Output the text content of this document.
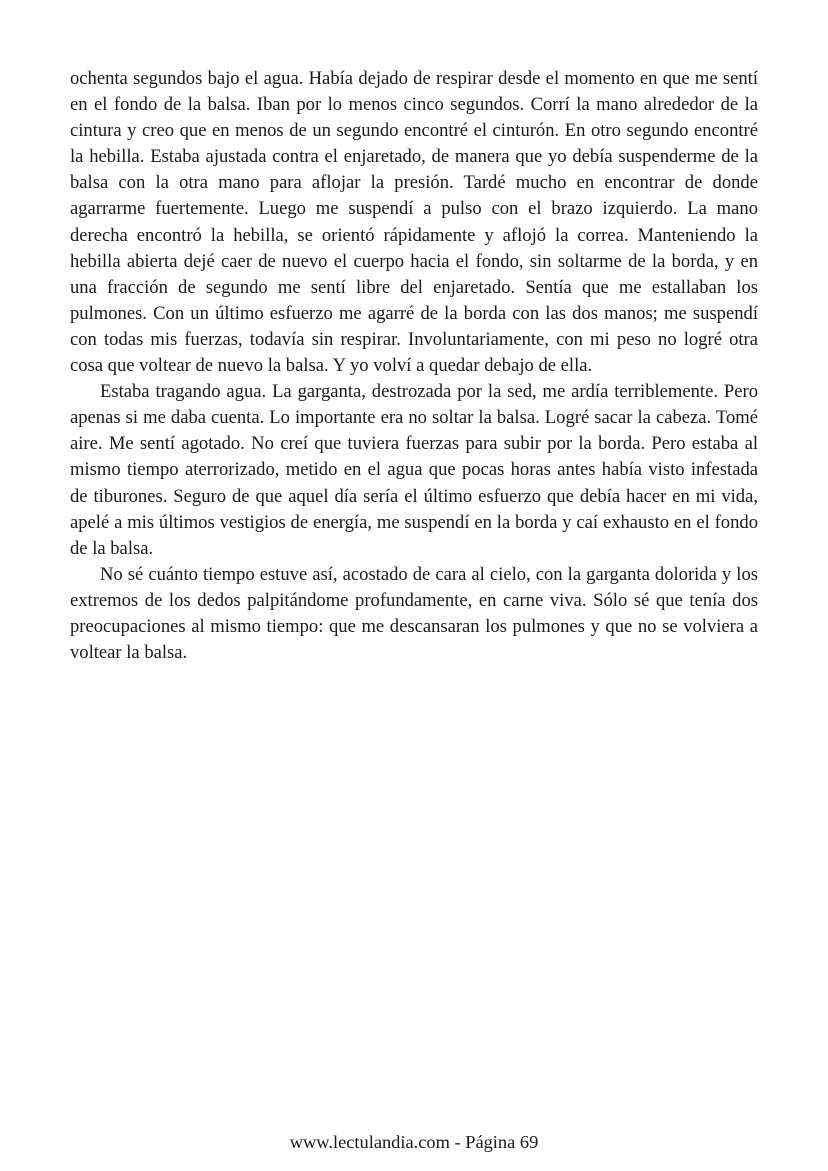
ochenta segundos bajo el agua. Había dejado de respirar desde el momento en que me sentí en el fondo de la balsa. Iban por lo menos cinco segundos. Corrí la mano alrededor de la cintura y creo que en menos de un segundo encontré el cinturón. En otro segundo encontré la hebilla. Estaba ajustada contra el enjaretado, de manera que yo debía suspenderme de la balsa con la otra mano para aflojar la presión. Tardé mucho en encontrar de donde agarrarme fuertemente. Luego me suspendí a pulso con el brazo izquierdo. La mano derecha encontró la hebilla, se orientó rápidamente y aflojó la correa. Manteniendo la hebilla abierta dejé caer de nuevo el cuerpo hacia el fondo, sin soltarme de la borda, y en una fracción de segundo me sentí libre del enjaretado. Sentía que me estallaban los pulmones. Con un último esfuerzo me agarré de la borda con las dos manos; me suspendí con todas mis fuerzas, todavía sin respirar. Involuntariamente, con mi peso no logré otra cosa que voltear de nuevo la balsa. Y yo volví a quedar debajo de ella.

Estaba tragando agua. La garganta, destrozada por la sed, me ardía terriblemente. Pero apenas si me daba cuenta. Lo importante era no soltar la balsa. Logré sacar la cabeza. Tomé aire. Me sentí agotado. No creí que tuviera fuerzas para subir por la borda. Pero estaba al mismo tiempo aterrorizado, metido en el agua que pocas horas antes había visto infestada de tiburones. Seguro de que aquel día sería el último esfuerzo que debía hacer en mi vida, apelé a mis últimos vestigios de energía, me suspendí en la borda y caí exhausto en el fondo de la balsa.

No sé cuánto tiempo estuve así, acostado de cara al cielo, con la garganta dolorida y los extremos de los dedos palpitándome profundamente, en carne viva. Sólo sé que tenía dos preocupaciones al mismo tiempo: que me descansaran los pulmones y que no se volviera a voltear la balsa.

www.lectulandia.com - Página 69
